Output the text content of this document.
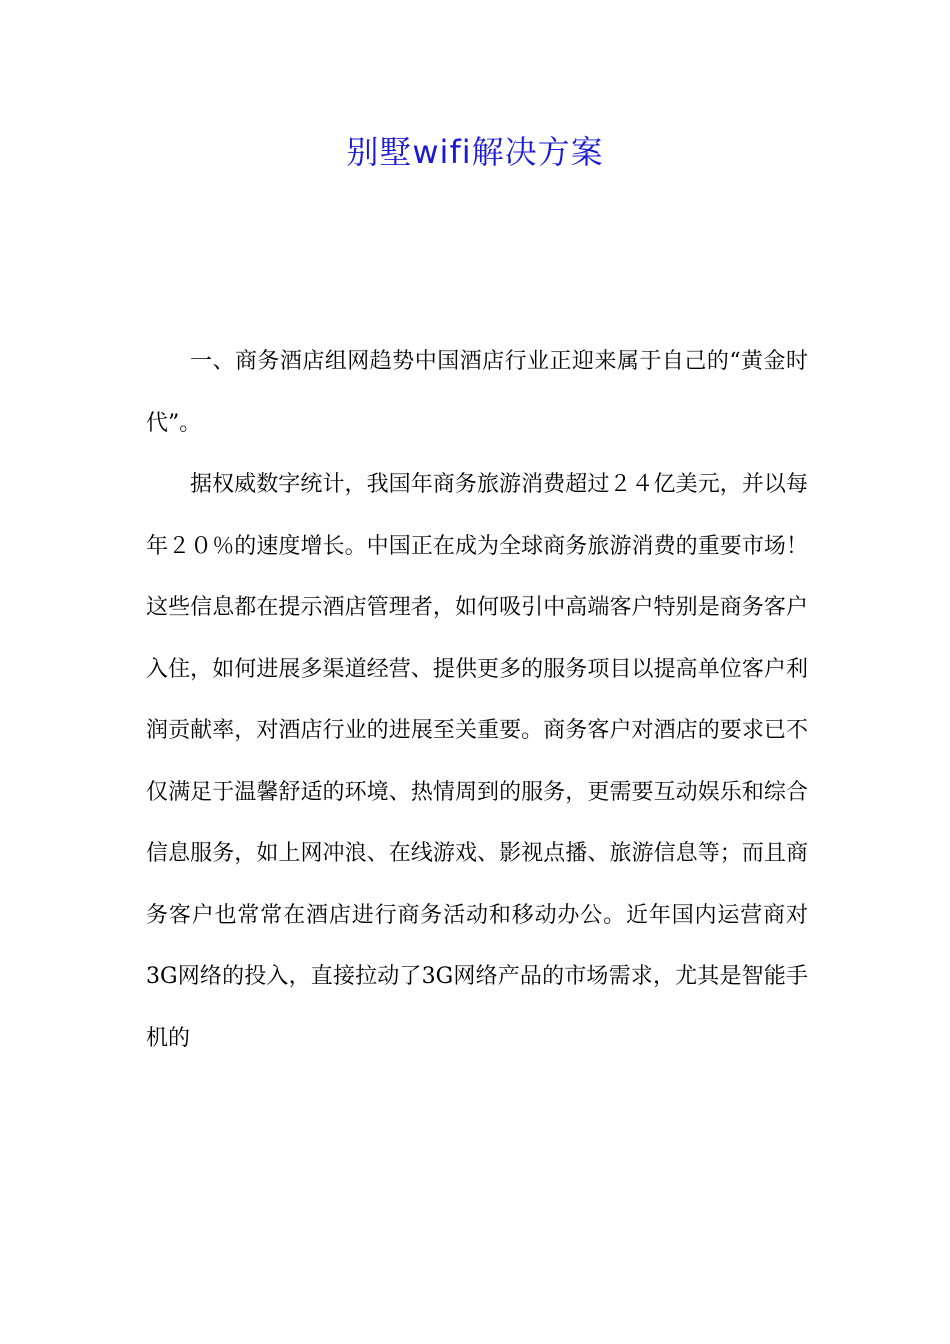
别墅wifi解决方案

一、商务酒店组网趋势中国酒店行业正迎来属于自己的“黄金时代”。

据权威数字统计，我国年商务旅游消费超过２４亿美元，并以每年２０％的速度增长。中国正在成为全球商务旅游消费的重要市场！这些信息都在提示酒店管理者，如何吸引中高端客户特别是商务客户入住，如何进展多渠道经营、提供更多的服务项目以提高单位客户利润贡献率，对酒店行业的进展至关重要。商务客户对酒店的要求已不仅满足于温馨舒适的环境、热情周到的服务，更需要互动娱乐和综合信息服务，如上网冲浪、在线游戏、影视点播、旅游信息等；而且商务客户也常常在酒店进行商务活动和移动办公。近年国内运营商对3G网络的投入，直接拉动了3G网络产品的市场需求，尤其是智能手机的
